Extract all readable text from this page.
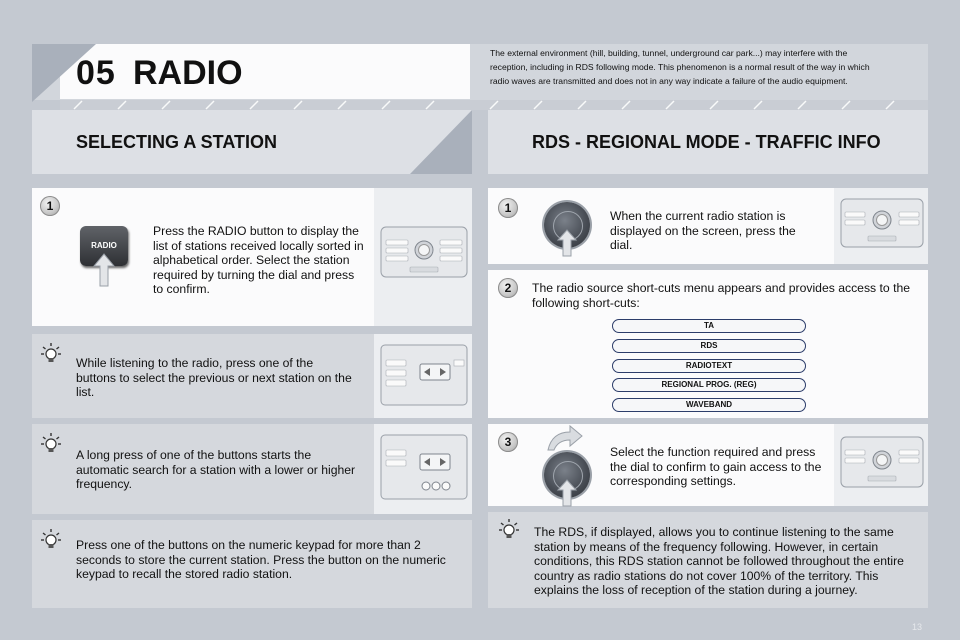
05 RADIO
The external environment (hill, building, tunnel, underground car park...) may interfere with the reception, including in RDS following mode. This phenomenon is a normal result of the way in which radio waves are transmitted and does not in any way indicate a failure of the audio equipment.
SELECTING A STATION	RDS - REGIONAL MODE - TRAFFIC INFO
1
RADIO
Press the RADIO button to display the list of stations received locally sorted in alphabetical order. Select the station required by turning the dial and press to confirm.
While listening to the radio, press one of the buttons to select the previous or next station on the list.
A long press of one of the buttons starts the automatic search for a station with a lower or higher frequency.
Press one of the buttons on the numeric keypad for more than 2 seconds to store the current station. Press the button on the numeric keypad to recall the stored radio station.
1
When the current radio station is displayed on the screen, press the dial.
2	The radio source short-cuts menu appears and provides access to the following short-cuts:
TA
RDS
RADIOTEXT
REGIONAL PROG. (REG)
WAVEBAND
3
Select the function required and press the dial to confirm to gain access to the corresponding settings.
The RDS, if displayed, allows you to continue listening to the same station by means of the frequency following. However, in certain conditions, this RDS station cannot be followed throughout the entire country as radio stations do not cover 100% of the territory. This explains the loss of reception of the station during a journey.
13
